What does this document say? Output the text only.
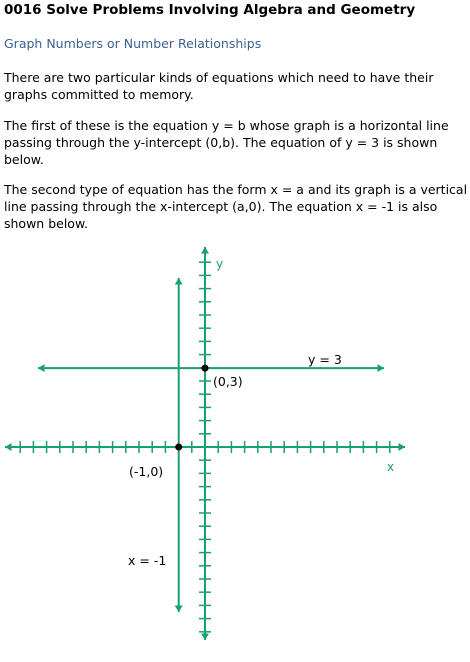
0016 Solve Problems Involving Algebra and Geometry
Graph Numbers or Number Relationships

There are two particular kinds of equations which need to have their graphs committed to memory.

The first of these is the equation y = b whose graph is a horizontal line passing through the y-intercept (0,b). The equation of y = 3 is shown below.

The second type of equation has the form x = a and its graph is a vertical line passing through the x-intercept (a,0). The equation x = -1 is also shown below.

y
x
y = 3
x = -1
(0,3)
(-1,0)
